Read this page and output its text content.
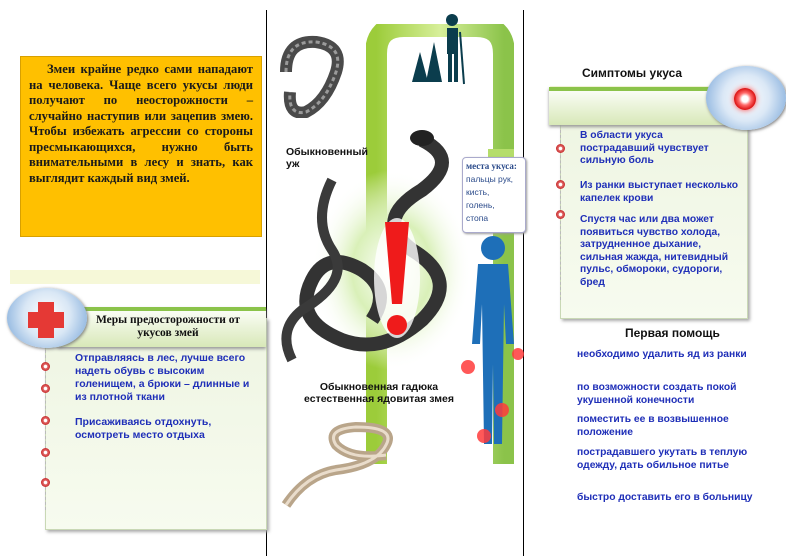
Змеи крайне редко сами нападают на человека. Чаще всего укусы люди получают по неосторожности – случайно наступив или зацепив змею. Чтобы избежать агрессии со стороны пресмыкающихся, нужно быть внимательными в лесу и знать, как выглядит каждый вид змей.
Меры предосторожности от укусов змей
Отправляясь в лес, лучше всего надеть обувь с высоким голенищем, а брюки – длинные и из плотной ткани
Присаживаясь отдохнуть, осмотреть место отдыха
Обыкновенный уж
Обыкновенная гадюка естественная ядовитая змея
места укуса:
пальцы рук,
кисть,
голень,
стопа
Симптомы укуса
В области укуса пострадавший чувствует сильную боль
Из ранки выступает несколько капелек крови
Спустя час или два может появиться чувство холода, затрудненное дыхание, сильная жажда, нитевидный пульс, обмороки, судороги, бред
Первая помощь
необходимо удалить яд из ранки
по возможности создать покой укушенной конечности
поместить ее в возвышенное положение
пострадавшего укутать в теплую одежду, дать обильное питье
быстро доставить его в больницу
